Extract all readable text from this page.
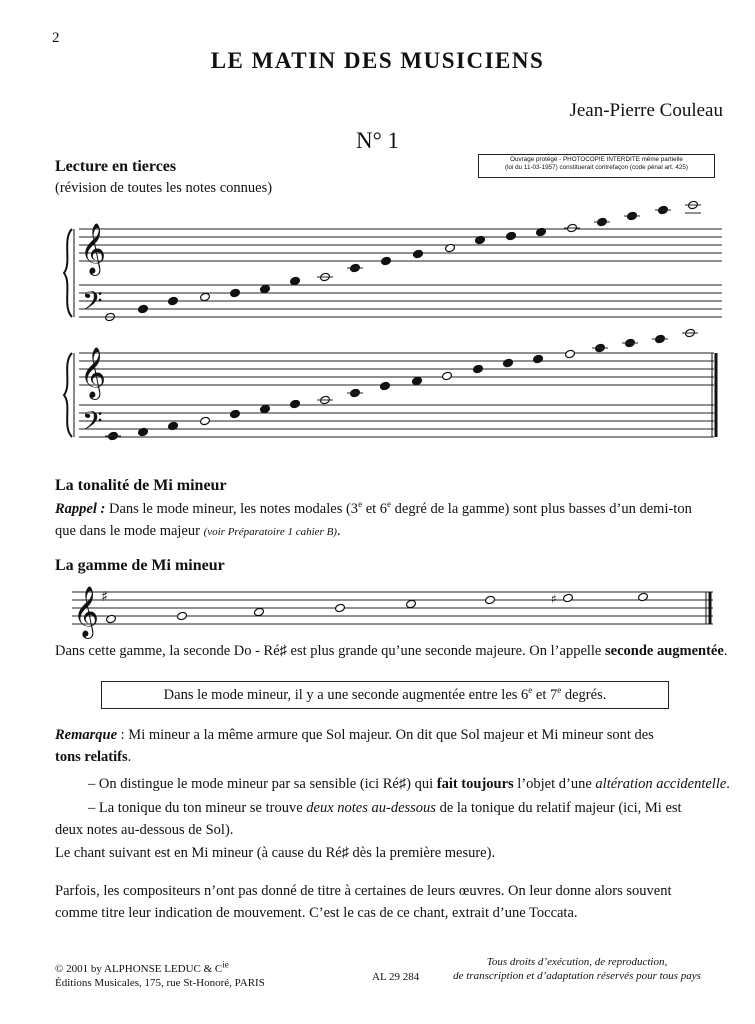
2
LE MATIN DES MUSICIENS
Jean-Pierre Couleau
N° 1
Lecture en tierces
(révision de toutes les notes connues)
Ouvrage protégé - PHOTOCOPIE INTERDITE même partielle
(loi du 11-03-1957) constituerait contrefaçon (code pénal art. 425)
𝄞
𝄢
𝄞
𝄢
𝄞 ♯	♯
La tonalité de Mi mineur
Rappel : Dans le mode mineur, les notes modales (3e et 6e degré de la gamme) sont plus basses d’un demi-ton
que dans le mode majeur (voir Préparatoire 1 cahier B).
La gamme de Mi mineur
Dans cette gamme, la seconde Do - Ré♯ est plus grande qu’une seconde majeure. On l’appelle seconde augmentée.
Dans le mode mineur, il y a une seconde augmentée entre les 6e et 7e degrés.
Remarque : Mi mineur a la même armure que Sol majeur. On dit que Sol majeur et Mi mineur sont des
tons relatifs.
– On distingue le mode mineur par sa sensible (ici Ré♯) qui fait toujours l’objet d’une altération accidentelle.
– La tonique du ton mineur se trouve deux notes au-dessous de la tonique du relatif majeur (ici, Mi est
deux notes au-dessous de Sol).
Le chant suivant est en Mi mineur (à cause du Ré♯ dès la première mesure).
Parfois, les compositeurs n’ont pas donné de titre à certaines de leurs œuvres. On leur donne alors souvent
comme titre leur indication de mouvement. C’est le cas de ce chant, extrait d’une Toccata.
© 2001 by ALPHONSE LEDUC & $C^{ie}$
Éditions Musicales, 175, rue St-Honoré, PARIS	AL 29 284
Tous droits d’exécution, de reproduction,
de transcription et d’adaptation réservés pour tous pays
